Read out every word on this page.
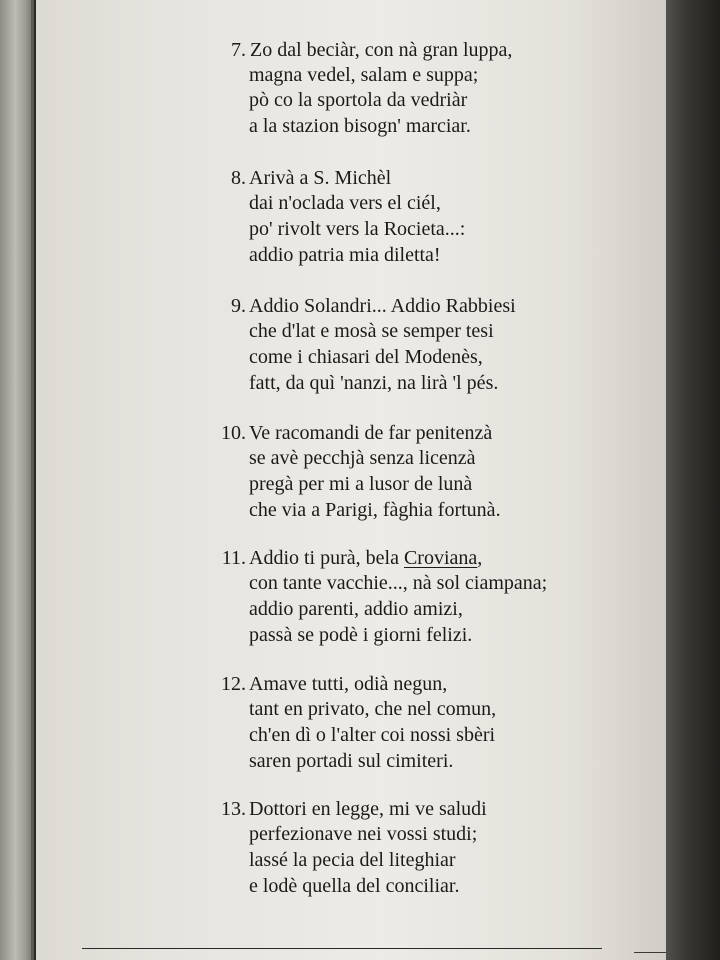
7. Zo dal beciàr, con nà gran luppa,
magna vedel, salam e suppa;
pò co la sportola da vedriàr
a la stazion bisogn' marciar.
8. Arivà a S. Michèl
dai n'oclada vers el ciél,
po' rivolt vers la Rocieta...:
addio patria mia diletta!
9. Addio Solandri... Addio Rabbiesi
che d'lat e mosà se semper tesi
come i chiasari del Modenès,
fatt, da quì 'nanzi, na lirà 'l pés.
10. Ve racomandi de far penitenzà
se avè pecchjà senza licenzà
pregà per mi a lusor de lunà
che via a Parigi, fàghia fortunà.
11. Addio ti purà, bela Croviana,
con tante vacchie..., nà sol ciampana;
addio parenti, addio amizi,
passà se podè i giorni felizi.
12. Amave tutti, odià negun,
tant en privato, che nel comun,
ch'en dì o l'alter coi nossi sbèri
saren portadi sul cimiteri.
13. Dottori en legge, mi ve saludi
perfezionave nei vossi studi;
lassé la pecia del liteghiar
e lodè quella del conciliar.
